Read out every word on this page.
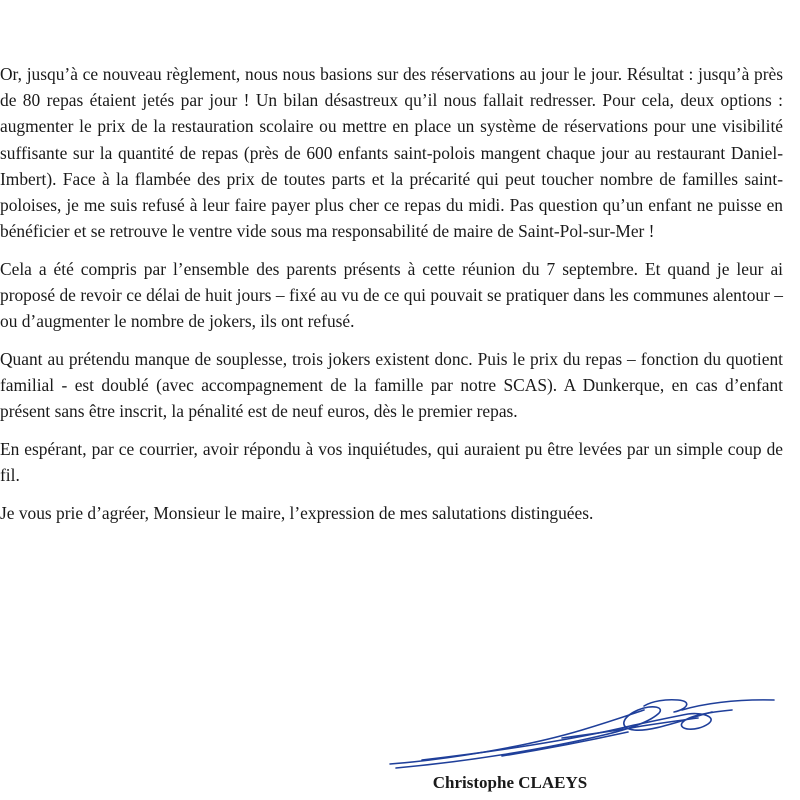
Or, jusqu’à ce nouveau règlement, nous nous basions sur des réservations au jour le jour. Résultat : jusqu’à près de 80 repas étaient jetés par jour ! Un bilan désastreux qu’il nous fallait redresser. Pour cela, deux options : augmenter le prix de la restauration scolaire ou mettre en place un système de réservations pour une visibilité suffisante sur la quantité de repas (près de 600 enfants saint-polois mangent chaque jour au restaurant Daniel-Imbert). Face à la flambée des prix de toutes parts et la précarité qui peut toucher nombre de familles saint-poloises, je me suis refusé à leur faire payer plus cher ce repas du midi. Pas question qu’un enfant ne puisse en bénéficier et se retrouve le ventre vide sous ma responsabilité de maire de Saint-Pol-sur-Mer !

Cela a été compris par l’ensemble des parents présents à cette réunion du 7 septembre. Et quand je leur ai proposé de revoir ce délai de huit jours – fixé au vu de ce qui pouvait se pratiquer dans les communes alentour – ou d’augmenter le nombre de jokers, ils ont refusé.

Quant au prétendu manque de souplesse, trois jokers existent donc. Puis le prix du repas – fonction du quotient familial - est doublé (avec accompagnement de la famille par notre SCAS). A Dunkerque, en cas d’enfant présent sans être inscrit, la pénalité est de neuf euros, dès le premier repas.

En espérant, par ce courrier, avoir répondu à vos inquiétudes, qui auraient pu être levées par un simple coup de fil.

Je vous prie d’agréer, Monsieur le maire, l’expression de mes salutations distinguées.

Christophe CLAEYS
